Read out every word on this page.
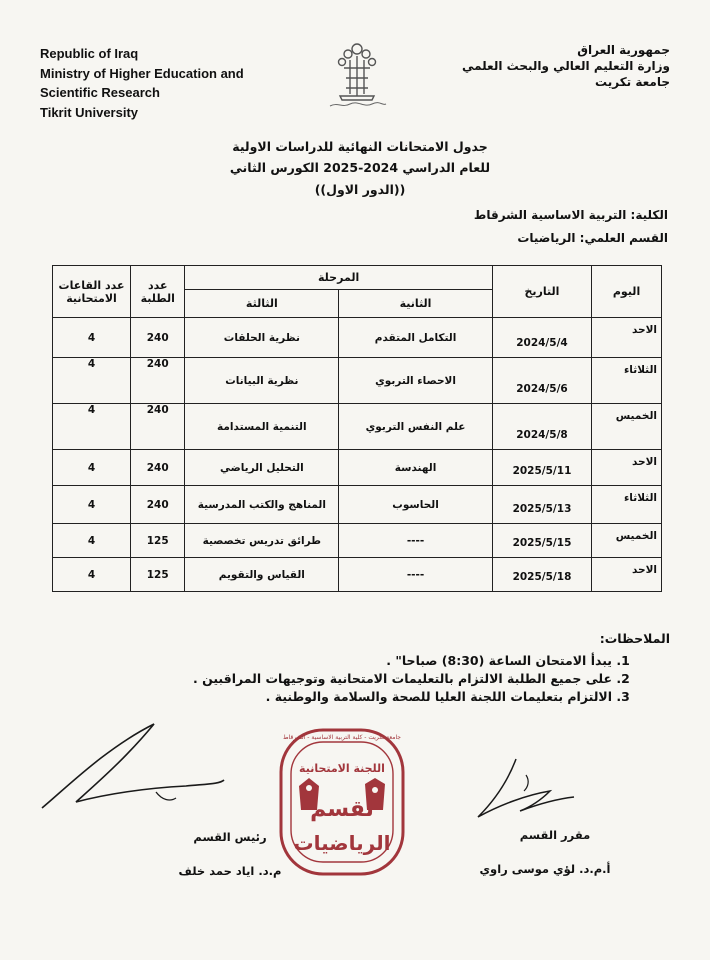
Republic of Iraq
Ministry of Higher Education and
Scientific Research
Tikrit University
جمهورية العراق
وزارة التعليم العالي والبحث العلمي
جامعة تكريت
جدول الامتحانات النهائية للدراسات الاولية
للعام الدراسي 2024-2025 الكورس الثاني
((الدور الاول))
الكلية: التربية الاساسية الشرقاط
القسم العلمي: الرياضيات
اليوم	التاريخ	المرحلة		عدد الطلبة	عدد القاعات الامتحانية
		الثانية	الثالثة		
الاحد	2024/5/4	التكامل المتقدم	نظرية الحلقات	240	4
الثلاثاء	2024/5/6	الاحصاء التربوي	نظرية البيانات	240	4
الخميس	2024/5/8	علم النفس التربوي	التنمية المستدامة	240	4
الاحد	2025/5/11	الهندسة	التحليل الرياضي	240	4
الثلاثاء	2025/5/13	الحاسوب	المناهج والكتب المدرسية	240	4
الخميس	2025/5/15	----	طرائق تدريس تخصصية	125	4
الاحد	2025/5/18	----	القياس والتقويم	125	4
الملاحظات:
1. يبدأ الامتحان الساعة (8:30) صباحا" .
2. على جميع الطلبة الالتزام بالتعليمات الامتحانية وتوجيهات المراقبين .
3. الالتزام بتعليمات اللجنة العليا للصحة والسلامة والوطنية .
رئيس القسم
م.د. اياد حمد خلف
جامعة تكريت - كلية التربية الاساسية - الشرقاط
اللجنة الامتحانية
لقسم
الرياضيات	مقرر القسم
أ.م.د. لؤي موسى راوي
